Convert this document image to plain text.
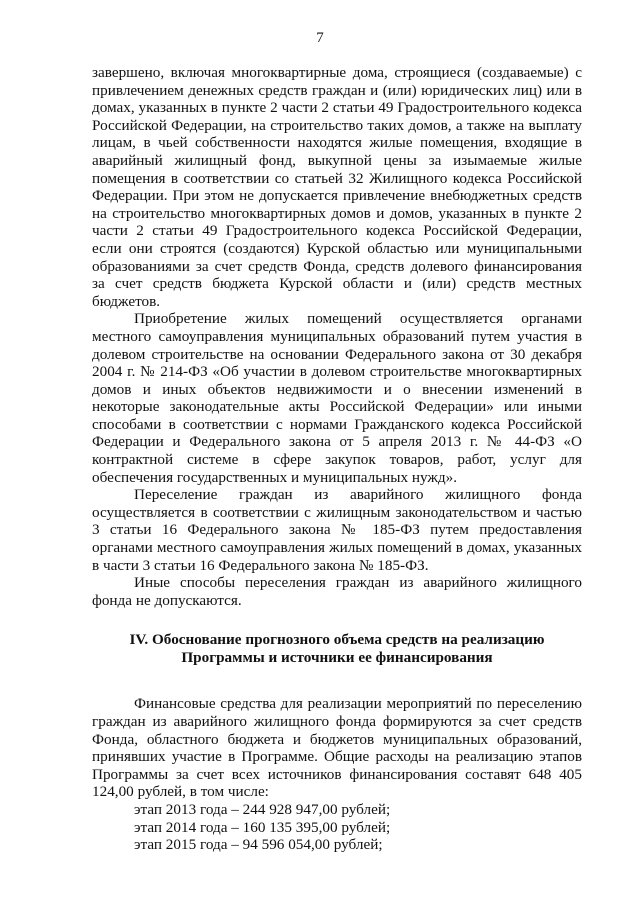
7

завершено, включая многоквартирные дома, строящиеся (создаваемые) с привлечением денежных средств граждан и (или) юридических лиц) или в домах, указанных в пункте 2 части 2 статьи 49 Градостроительного кодекса Российской Федерации, на строительство таких домов, а также на выплату лицам, в чьей собственности находятся жилые помещения, входящие в аварийный жилищный фонд, выкупной цены за изымаемые жилые помещения в соответствии со статьей 32 Жилищного кодекса Российской Федерации. При этом не допускается привлечение внебюджетных средств на строительство многоквартирных домов и домов, указанных в пункте 2 части 2 статьи 49 Градостроительного кодекса Российской Федерации, если они строятся (создаются) Курской областью или муниципальными образованиями за счет средств Фонда, средств долевого финансирования за счет средств бюджета Курской области и (или) средств местных бюджетов.

Приобретение жилых помещений осуществляется органами местного самоуправления муниципальных образований путем участия в долевом строительстве на основании Федерального закона от 30 декабря 2004 г. № 214-ФЗ «Об участии в долевом строительстве многоквартирных домов и иных объектов недвижимости и о внесении изменений в некоторые законодательные акты Российской Федерации» или иными способами в соответствии с нормами Гражданского кодекса Российской Федерации и Федерального закона от 5 апреля 2013 г. № 44-ФЗ «О контрактной системе в сфере закупок товаров, работ, услуг для обеспечения государственных и муниципальных нужд».

Переселение граждан из аварийного жилищного фонда осуществляется в соответствии с жилищным законодательством и частью 3 статьи 16 Федерального закона № 185-ФЗ путем предоставления органами местного самоуправления жилых помещений в домах, указанных в части 3 статьи 16 Федерального закона № 185-ФЗ.

Иные способы переселения граждан из аварийного жилищного фонда не допускаются.

IV. Обоснование прогнозного объема средств на реализацию
Программы и источники ее финансирования

Финансовые средства для реализации мероприятий по переселению граждан из аварийного жилищного фонда формируются за счет средств Фонда, областного бюджета и бюджетов муниципальных образований, принявших участие в Программе. Общие расходы на реализацию этапов Программы за счет всех источников финансирования составят 648 405 124,00 рублей, в том числе:

этап 2013 года – 244 928 947,00 рублей;

этап 2014 года – 160 135 395,00 рублей;

этап 2015 года – 94 596 054,00 рублей;
